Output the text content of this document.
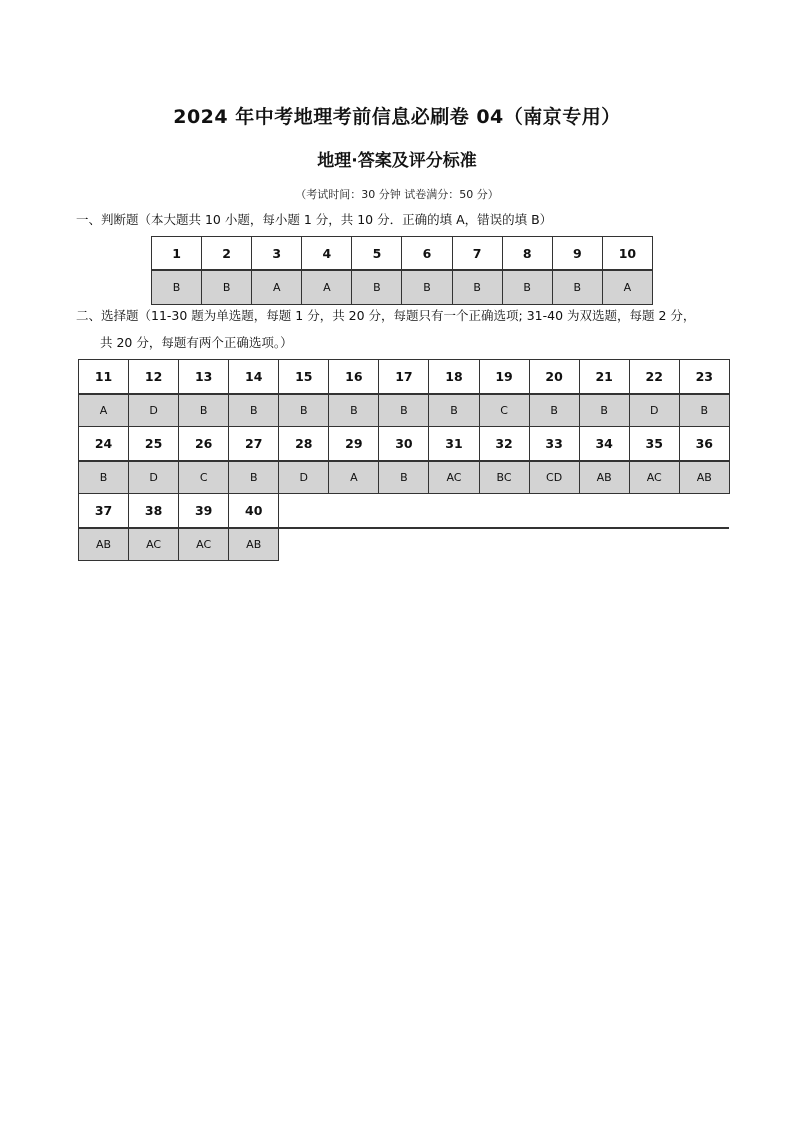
2024 年中考地理考前信息必刷卷 04（南京专用）
地理·答案及评分标准
（考试时间：30 分钟 试卷满分：50 分）
一、判断题（本大题共 10 小题，每小题 1 分，共 10 分．正确的填 A，错误的填 B）
1	2	3	4	5	6	7	8	9	10
B	B	A	A	B	B	B	B	B	A
二、选择题（11-30 题为单选题，每题 1 分，共 20 分，每题只有一个正确选项; 31-40 为双选题，每题 2 分，
共 20 分，每题有两个正确选项。）
11	12	13	14	15	16	17	18	19	20	21	22	23
A	D	B	B	B	B	B	B	C	B	B	D	B
24	25	26	27	28	29	30	31	32	33	34	35	36
B	D	C	B	D	A	B	AC	BC	CD	AB	AC	AB
37	38	39	40									
AB	AC	AC	AB									
